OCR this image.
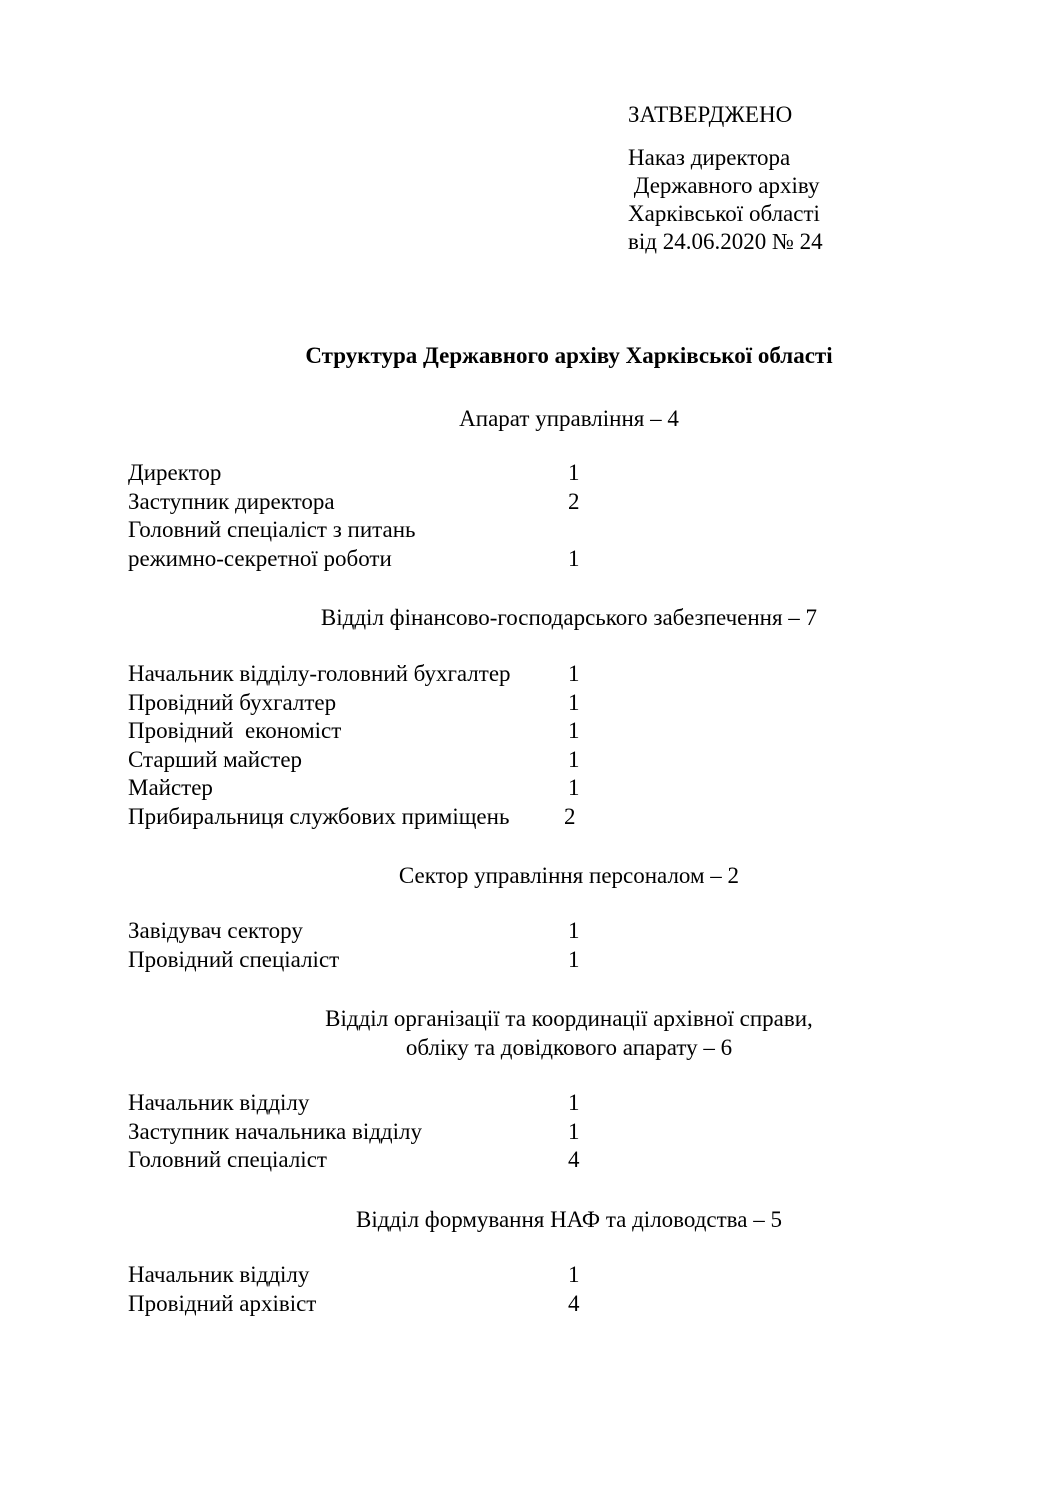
ЗАТВЕРДЖЕНО
Наказ директора
Державного архіву
Харківської області
від 24.06.2020 № 24
Структура Державного архіву Харківської області
Апарат управління – 4
Директор	1
Заступник директора	2
Головний спеціаліст з питань
режимно-секретної роботи	1
Відділ фінансово-господарського забезпечення – 7
Начальник відділу-головний бухгалтер 1
Провідний бухгалтер	1
Провідний  економіст	1
Старший майстер	1
Майстер	1
Прибиральниця службових приміщень 2
Сектор управління персоналом – 2
Завідувач сектору	1
Провідний спеціаліст	1
Відділ організації та координації архівної справи,
обліку та довідкового апарату – 6
Начальник відділу	1
Заступник начальника відділу	1
Головний спеціаліст	4
Відділ формування НАФ та діловодства – 5
Начальник відділу	1
Провідний архівіст	4
